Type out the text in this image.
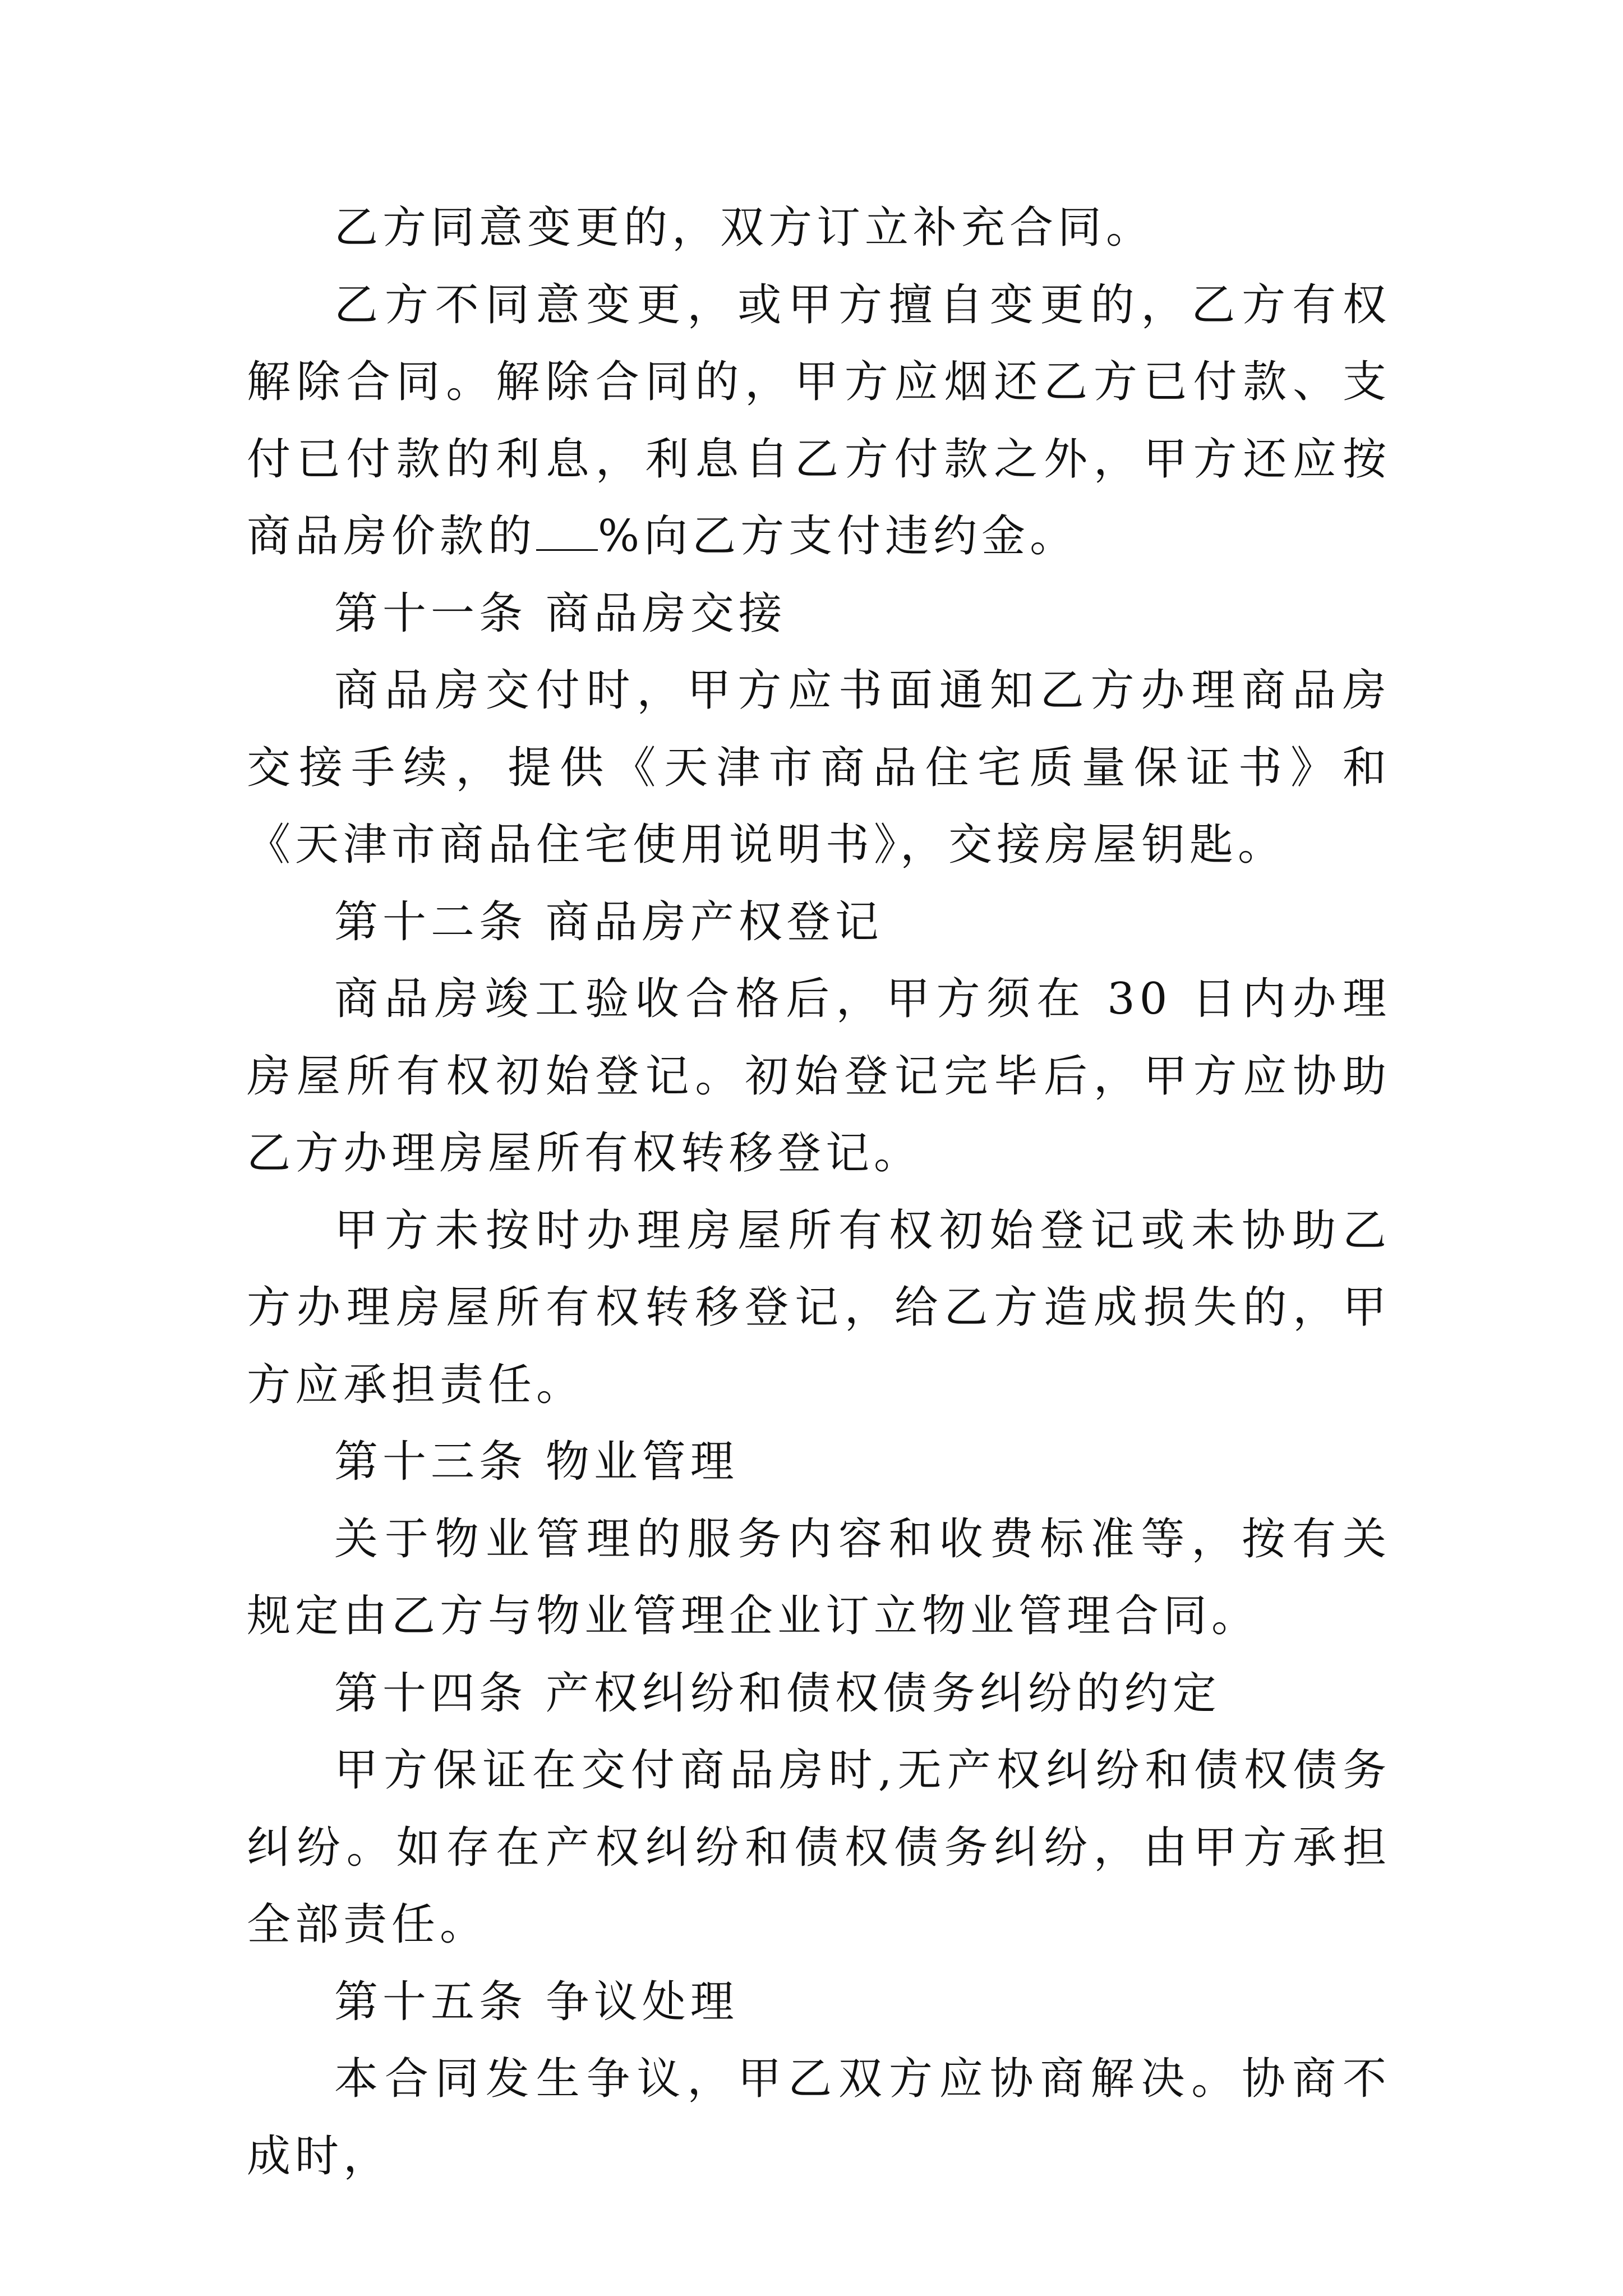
乙方同意变更的，双方订立补充合同。

乙方不同意变更，或甲方擅自变更的，乙方有权解除合同。解除合同的，甲方应烟还乙方已付款、支付已付款的利息，利息自乙方付款之外，甲方还应按商品房价款的 %向乙方支付违约金。

第十一条 商品房交接

商品房交付时，甲方应书面通知乙方办理商品房交接手续，提供《天津市商品住宅质量保证书》和《天津市商品住宅使用说明书》，交接房屋钥匙。

第十二条 商品房产权登记

商品房竣工验收合格后，甲方须在 30 日内办理房屋所有权初始登记。初始登记完毕后，甲方应协助乙方办理房屋所有权转移登记。

甲方未按时办理房屋所有权初始登记或未协助乙方办理房屋所有权转移登记，给乙方造成损失的，甲方应承担责任。

第十三条 物业管理

关于物业管理的服务内容和收费标准等，按有关规定由乙方与物业管理企业订立物业管理合同。

第十四条 产权纠纷和债权债务纠纷的约定

甲方保证在交付商品房时,无产权纠纷和债权债务纠纷。如存在产权纠纷和债权债务纠纷，由甲方承担全部责任。

第十五条 争议处理

本合同发生争议，甲乙双方应协商解决。协商不成时，
